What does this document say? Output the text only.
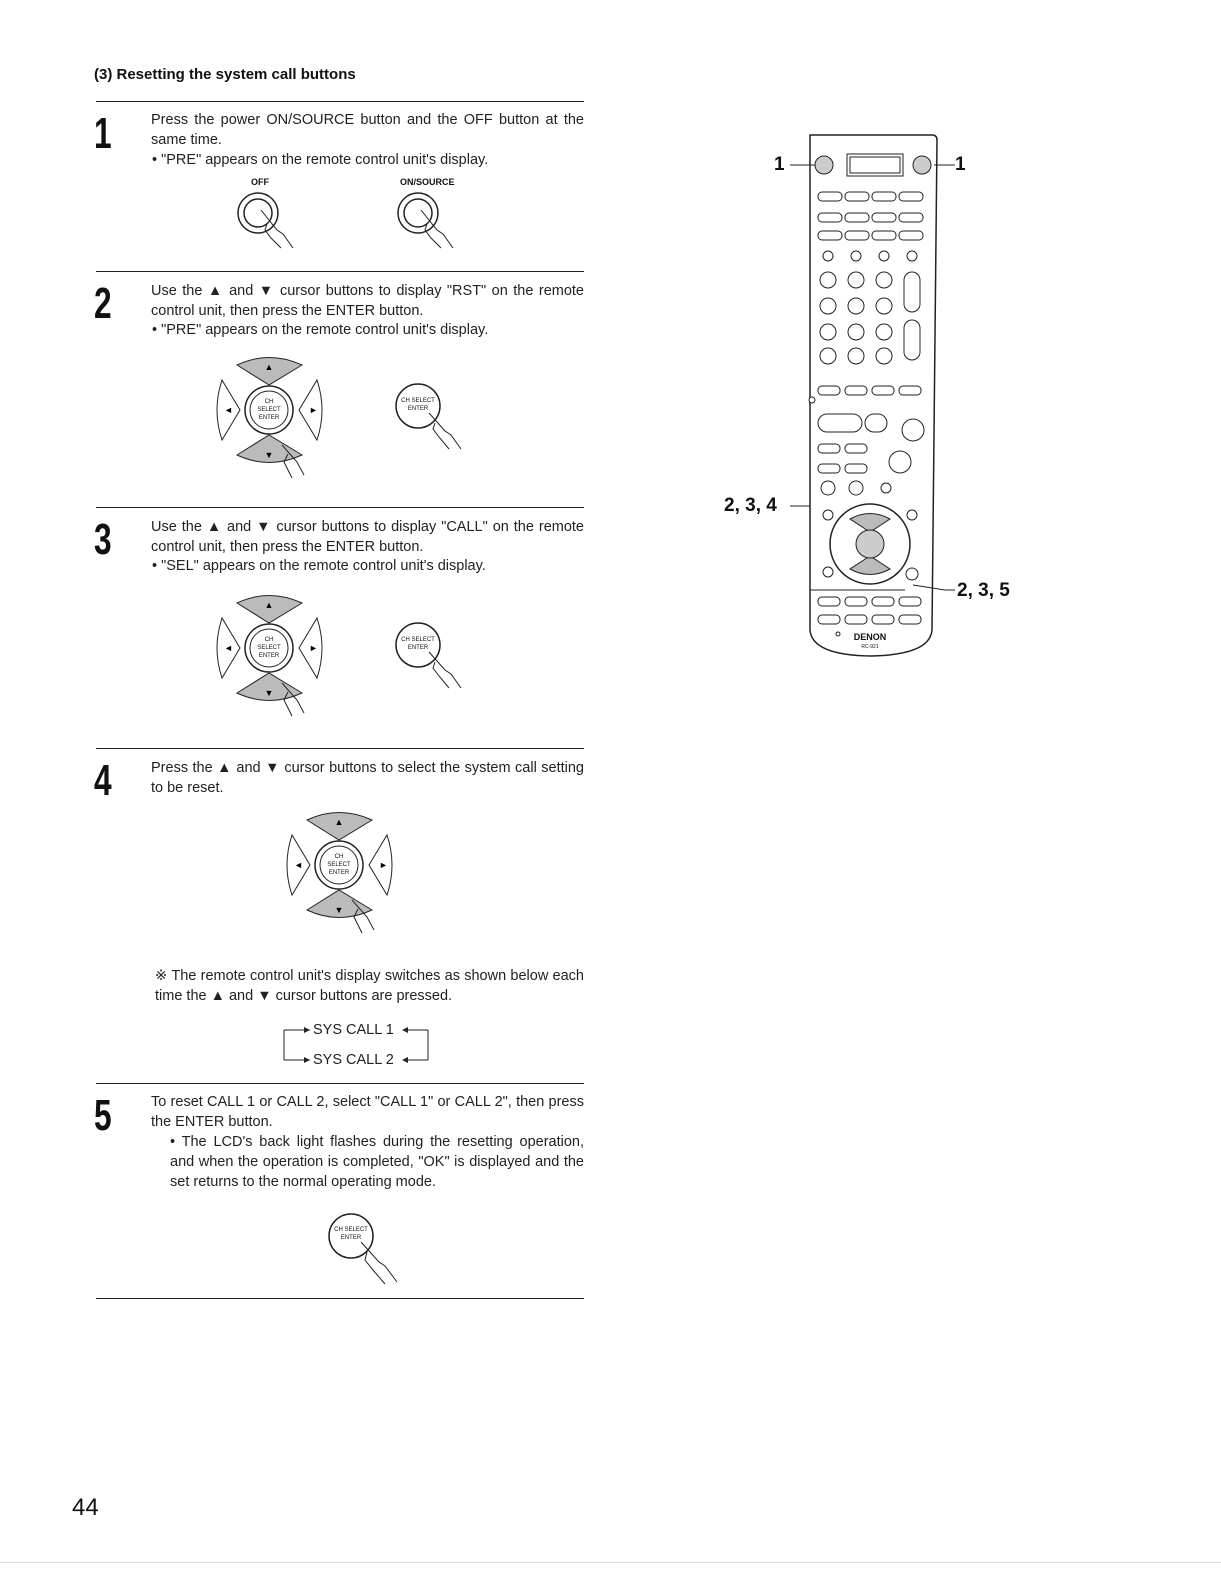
(3) Resetting the system call buttons
1	Press the power ON/SOURCE button and the OFF button at the same time.
• "PRE" appears on the remote control unit's display.
OFF	ON/SOURCE
2	Use the ▲ and ▼ cursor buttons to display "RST" on the remote control unit, then press the ENTER button.
• "PRE" appears on the remote control unit's display.
▲
▼
◄	►
CH SELECT
ENTER
CH SELECT
ENTER
3	Use the ▲ and ▼ cursor buttons to display "CALL" on the remote control unit, then press the ENTER button.
• "SEL" appears on the remote control unit's display.
▲
▼
◄	►
CH SELECT
ENTER
CH SELECT
ENTER
4	Press the ▲ and ▼ cursor buttons to select the system call setting to be reset.
▲
▼
◄	►
CH SELECT
ENTER
※ The remote control unit's display switches as shown below each time the ▲ and ▼ cursor buttons are pressed.
SYS CALL 1
SYS CALL 2
5	To reset CALL 1 or CALL 2, select "CALL 1" or CALL 2", then press the ENTER button.
• The LCD's back light flashes during the resetting operation, and when the operation is completed, "OK" is displayed and the set returns to the normal operating mode.
CH SELECT
ENTER
DENON
RC-921
1	1
2, 3, 4
2, 3, 5
44
